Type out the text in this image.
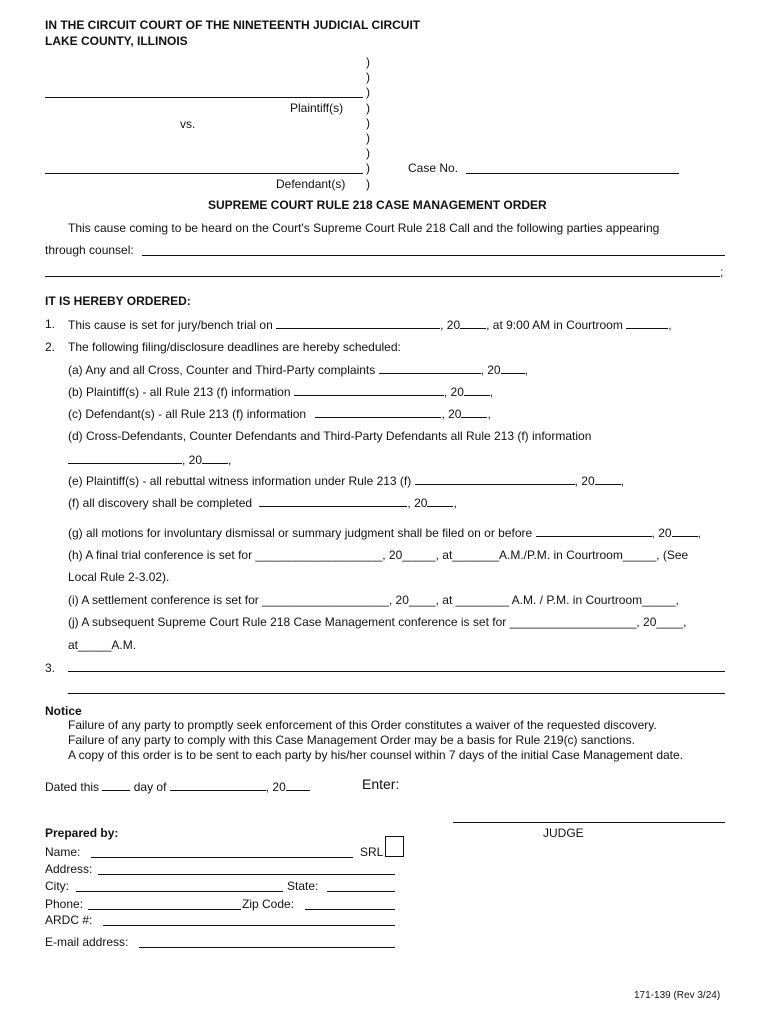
IN THE CIRCUIT COURT OF THE NINETEENTH JUDICIAL CIRCUIT
LAKE COUNTY, ILLINOIS
)
)
)
)
)
)
)
)
)
Plaintiff(s)
vs.
Defendant(s)
Case No.
SUPREME COURT RULE 218 CASE MANAGEMENT ORDER
This cause coming to be heard on the Court's Supreme Court Rule 218 Call and the following parties appearing
through counsel:
;
IT IS HEREBY ORDERED:
1. This cause is set for jury/bench trial on	, 20 , at 9:00 AM in Courtroom	,
2. The following filing/disclosure deadlines are hereby scheduled:
(a) Any and all Cross, Counter and Third-Party complaints	, 20 ,
(b) Plaintiff(s) - all Rule 213 (f) information	, 20 ,
(c) Defendant(s) - all Rule 213 (f) information	, 20 ,
(d) Cross-Defendants, Counter Defendants and Third-Party Defendants all Rule 213 (f) information
, 20 ,
(e) Plaintiff(s) - all rebuttal witness information under Rule 213 (f)	, 20 ,
(f) all discovery shall be completed	, 20 ,
(g) all motions for involuntary dismissal or summary judgment shall be filed on or before	, 20 ,
(h) A final trial conference is set for ___________________, 20_____, at_______A.M./P.M. in Courtroom_____, (See
Local Rule 2-3.02).
(i) A settlement conference is set for ___________________, 20____, at ________ A.M. / P.M. in Courtroom_____,
(j) A subsequent Supreme Court Rule 218 Case Management conference is set for ___________________, 20____,
at_____A.M.
3.
Notice
Failure of any party to promptly seek enforcement of this Order constitutes a waiver of the requested discovery.
Failure of any party to comply with this Case Management Order may be a basis for Rule 219(c) sanctions.
A copy of this order is to be sent to each party by his/her counsel within 7 days of the initial Case Management date.
Dated this	day of	, 20	Enter:
JUDGE
Prepared by:
Name:	SRL
Address:
City:	State:
Phone:	Zip Code:
ARDC #:
E-mail address:
171-139 (Rev 3/24)
